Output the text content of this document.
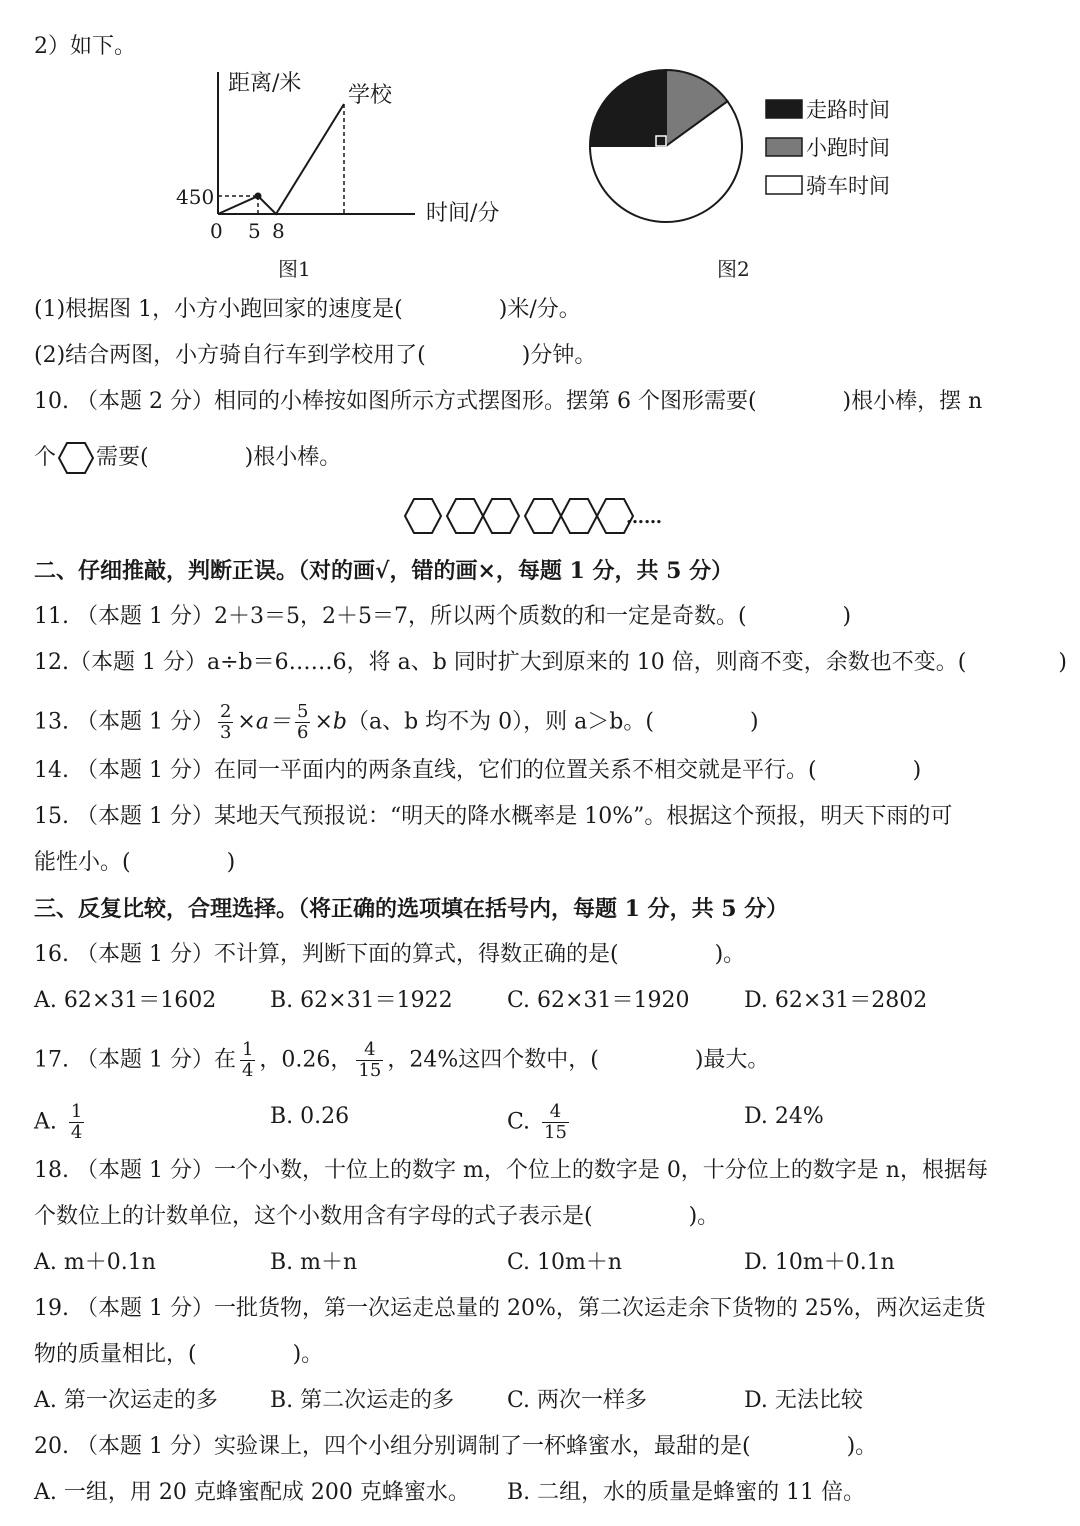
2）如下。
距离/米
时间/分
学校
450
0 5 8
图1
走路时间
小跑时间
骑车时间
图2
(1)根据图 1，小方小跑回家的速度是(	)米/分。
(2)结合两图，小方骑自行车到学校用了(	)分钟。
10. （本题 2 分）相同的小棒按如图所示方式摆图形。摆第 6 个图形需要(	)根小棒，摆 n
个 需要(	)根小棒。
……
二、仔细推敲，判断正误。（对的画√，错的画×，每题 1 分，共 5 分）
11. （本题 1 分）2＋3＝5，2＋5＝7，所以两个质数的和一定是奇数。(	)
12.（本题 1 分）a÷b＝6……6，将 a、b 同时扩大到原来的 10 倍，则商不变，余数也不变。(	)
13. （本题 1 分） $\frac{2}{3} \times a= \frac{5}{6} \times b(a$、b 均不为 0），则 a＞b。(	)
14. （本题 1 分）在同一平面内的两条直线，它们的位置关系不相交就是平行。(	)
15. （本题 1 分）某地天气预报说：“明天的降水概率是 10%”。根据这个预报，明天下雨的可
能性小。(	)
三、反复比较，合理选择。（将正确的选项填在括号内，每题 1 分，共 5 分）
16. （本题 1 分）不计算，判断下面的算式，得数正确的是(	)。
A. 62×31＝1602 B. 62×31＝1922 C. 62×31＝1920 D. 62×31＝2802
17. （本题 1 分）在 $\frac{1}{4}$ ，0.26， $\frac{4}{15}$ ，24%这四个数中，(	)最大。
A. $\frac{1}{4}$	B. 0.26	C. $\frac{4}{15}$	D. 24%
18. （本题 1 分）一个小数，十位上的数字 m，个位上的数字是 0，十分位上的数字是 n，根据每
个数位上的计数单位，这个小数用含有字母的式子表示是(	)。
A. m＋0.1n	B. m＋n	C. 10m＋n	D. 10m＋0.1n
19. （本题 1 分）一批货物，第一次运走总量的 20%，第二次运走余下货物的 25%，两次运走货
物的质量相比，(	)。
A. 第一次运走的多 B. 第二次运走的多 C. 两次一样多	D. 无法比较
20. （本题 1 分）实验课上，四个小组分别调制了一杯蜂蜜水，最甜的是(	)。
A. 一组，用 20 克蜂蜜配成 200 克蜂蜜水。 B. 二组，水的质量是蜂蜜的 11 倍。
